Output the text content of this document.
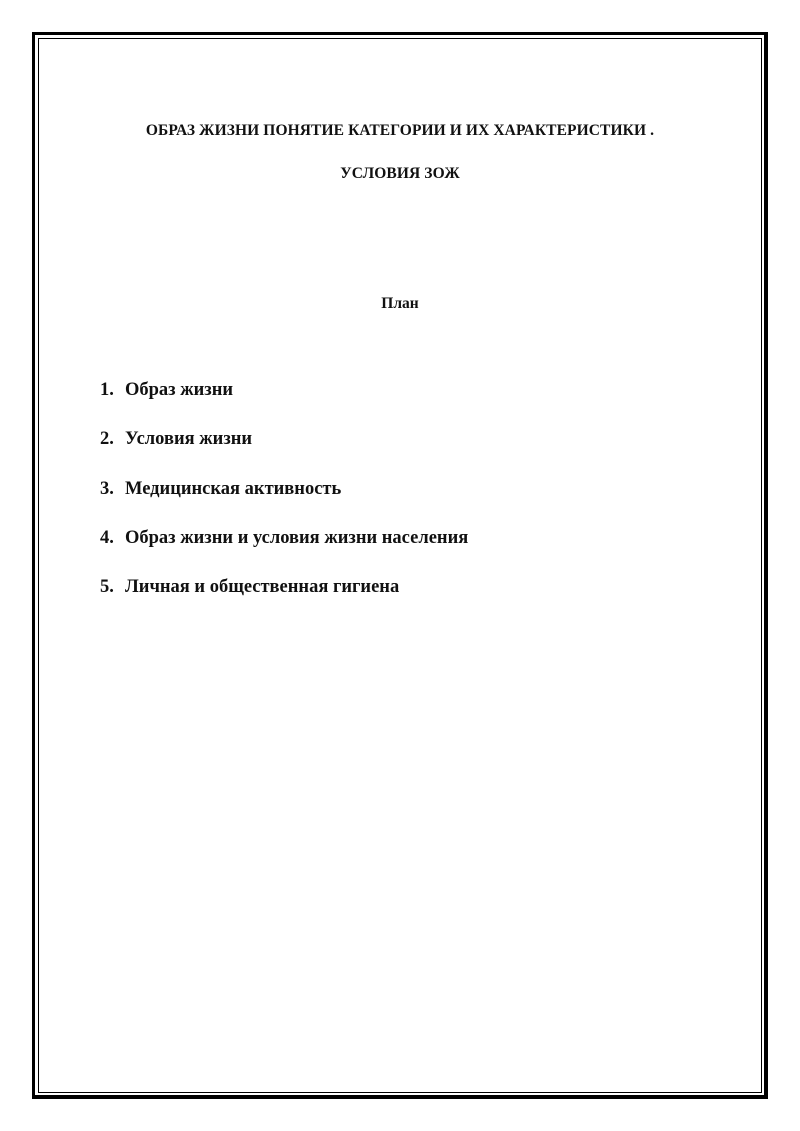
ОБРАЗ ЖИЗНИ ПОНЯТИЕ КАТЕГОРИИ И ИХ ХАРАКТЕРИСТИКИ .
УСЛОВИЯ ЗОЖ
План
1. Образ жизни
2. Условия жизни
3. Медицинская активность
4. Образ жизни и условия жизни населения
5. Личная и общественная гигиена
